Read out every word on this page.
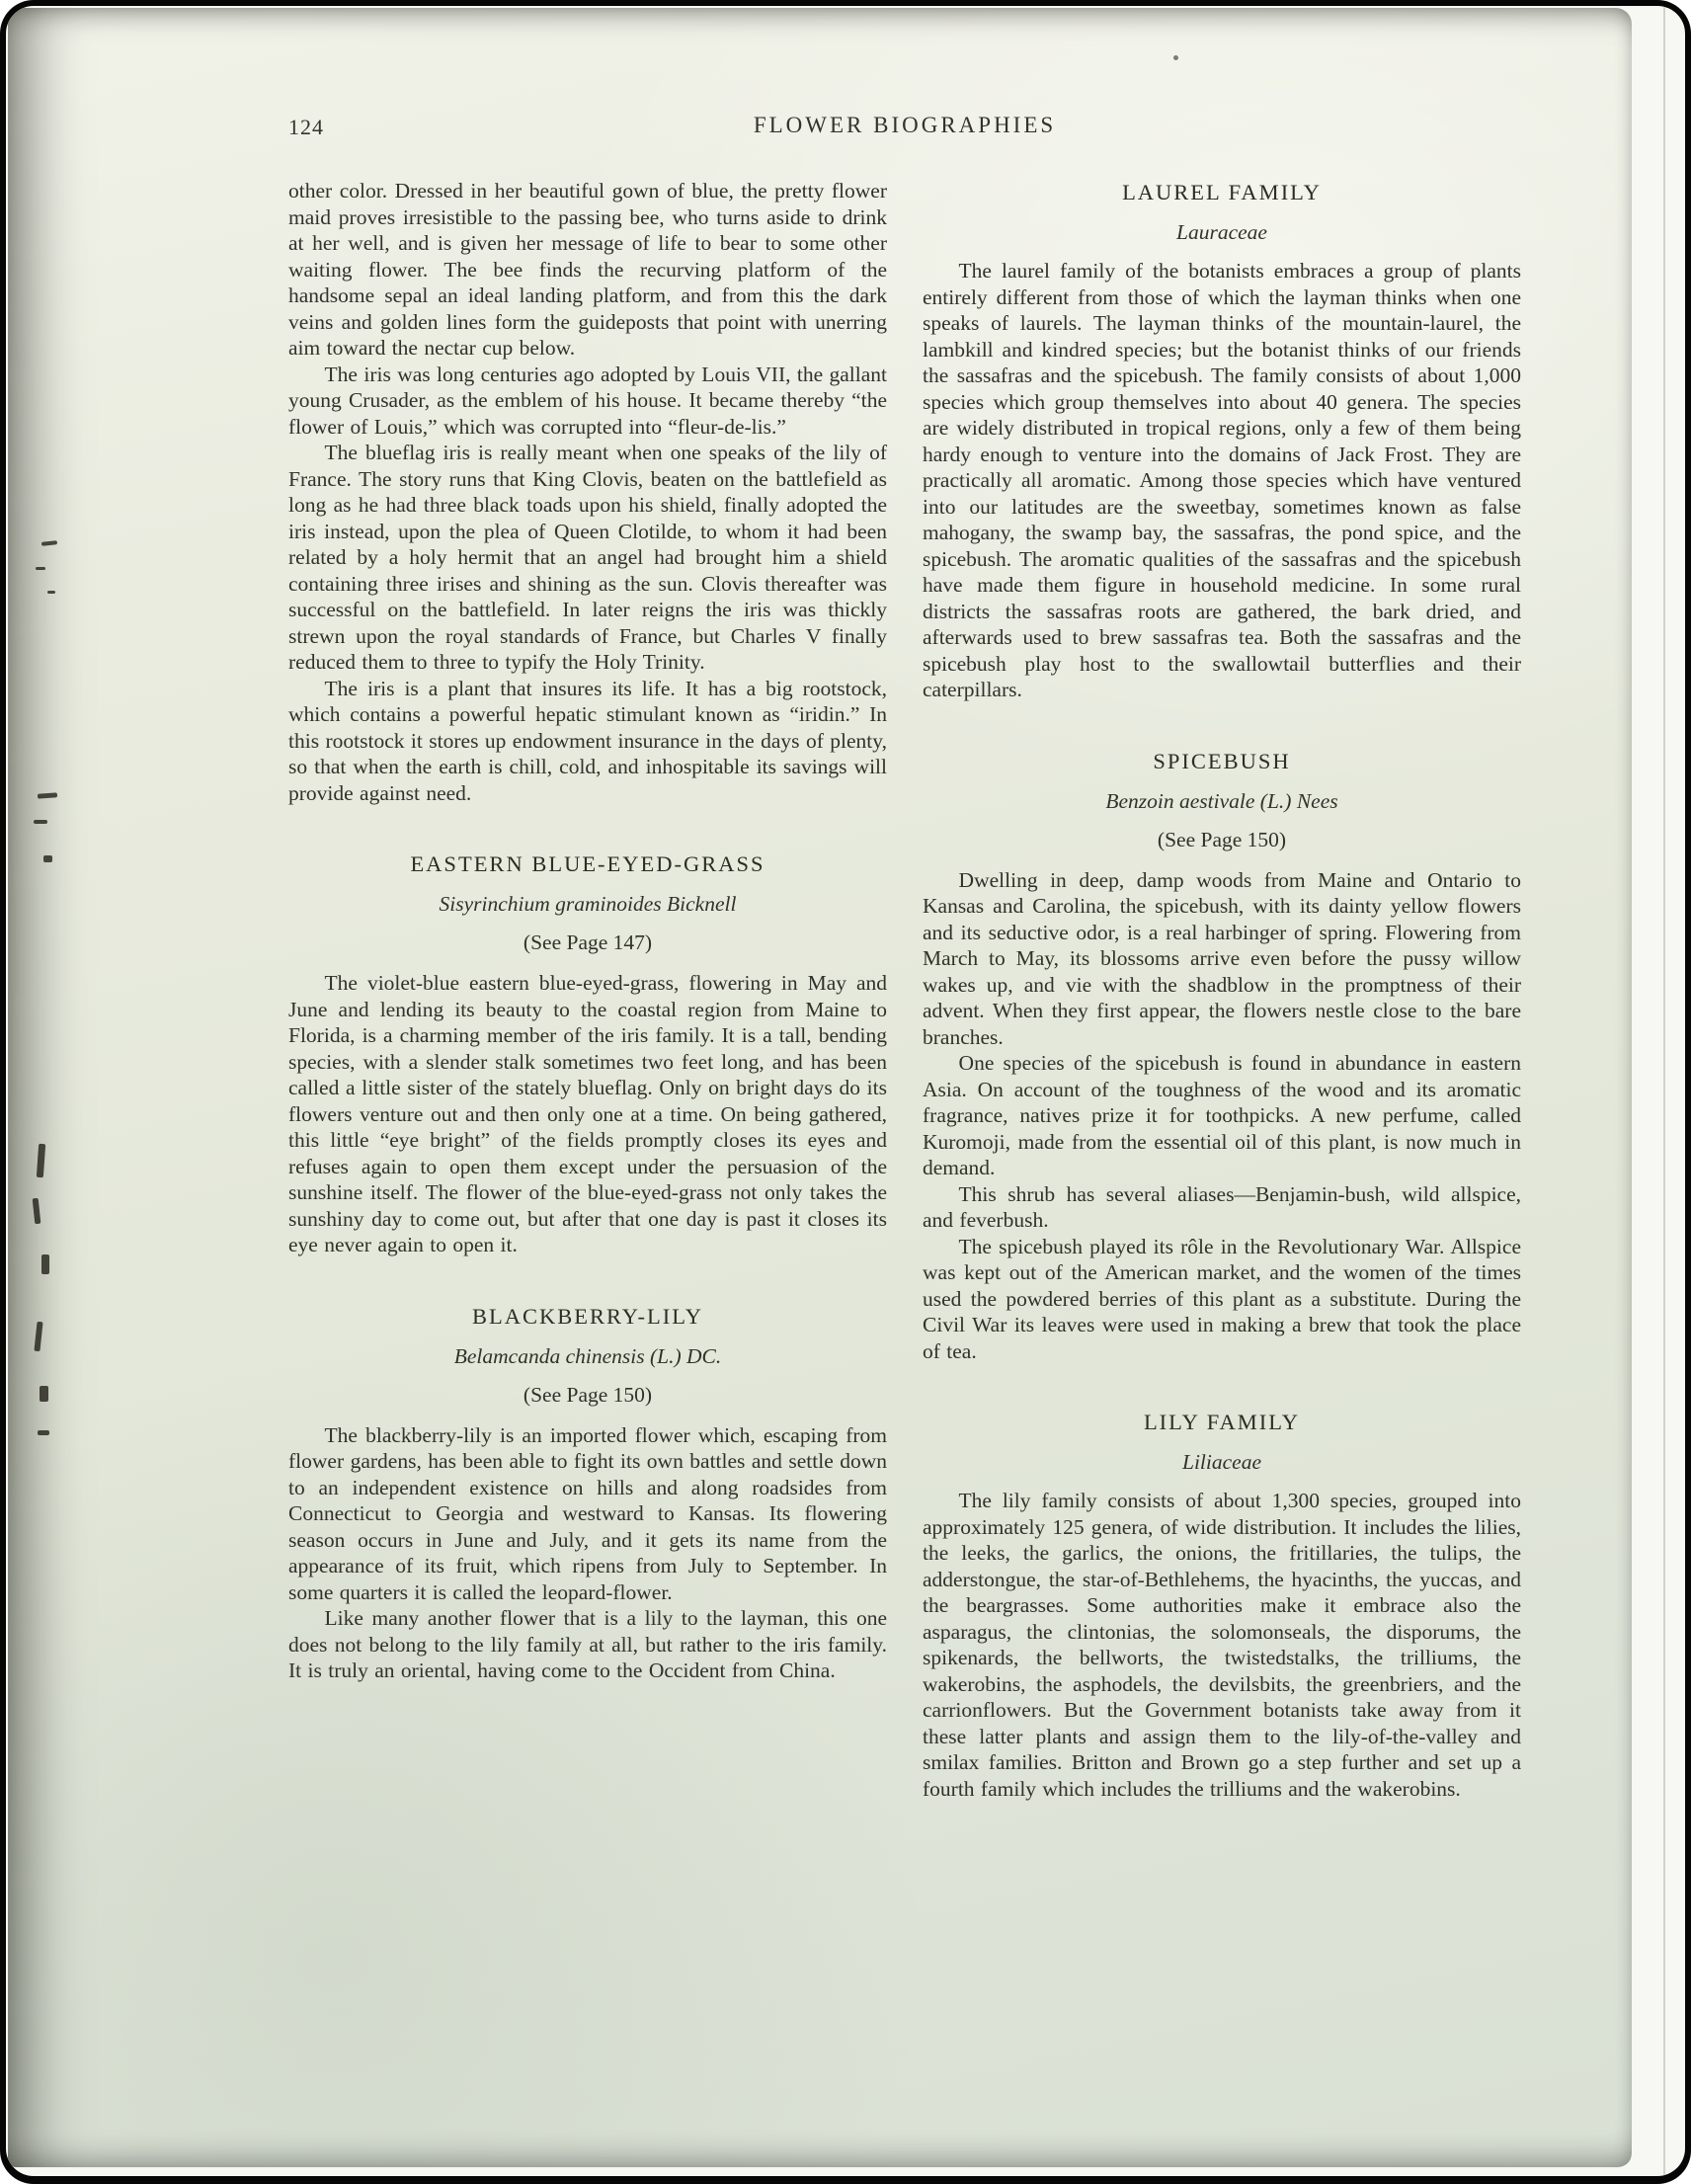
124	FLOWER BIOGRAPHIES

other color. Dressed in her beautiful gown of blue, the pretty flower maid proves irresistible to the passing bee, who turns aside to drink at her well, and is given her message of life to bear to some other waiting flower. The bee finds the recurving platform of the handsome sepal an ideal landing platform, and from this the dark veins and golden lines form the guideposts that point with unerring aim toward the nectar cup below.

The iris was long centuries ago adopted by Louis VII, the gallant young Crusader, as the emblem of his house. It became thereby “the flower of Louis,” which was corrupted into “fleur-de-lis.”

The blueflag iris is really meant when one speaks of the lily of France. The story runs that King Clovis, beaten on the battlefield as long as he had three black toads upon his shield, finally adopted the iris instead, upon the plea of Queen Clotilde, to whom it had been related by a holy hermit that an angel had brought him a shield containing three irises and shining as the sun. Clovis thereafter was successful on the battlefield. In later reigns the iris was thickly strewn upon the royal standards of France, but Charles V finally reduced them to three to typify the Holy Trinity.

The iris is a plant that insures its life. It has a big rootstock, which contains a powerful hepatic stimulant known as “iridin.” In this rootstock it stores up endowment insurance in the days of plenty, so that when the earth is chill, cold, and inhospitable its savings will provide against need.

EASTERN BLUE-EYED-GRASS
Sisyrinchium graminoides Bicknell
(See Page 147)

The violet-blue eastern blue-eyed-grass, flowering in May and June and lending its beauty to the coastal region from Maine to Florida, is a charming member of the iris family. It is a tall, bending species, with a slender stalk sometimes two feet long, and has been called a little sister of the stately blueflag. Only on bright days do its flowers venture out and then only one at a time. On being gathered, this little “eye bright” of the fields promptly closes its eyes and refuses again to open them except under the persuasion of the sunshine itself. The flower of the blue-eyed-grass not only takes the sunshiny day to come out, but after that one day is past it closes its eye never again to open it.

BLACKBERRY-LILY
Belamcanda chinensis (L.) DC.
(See Page 150)

The blackberry-lily is an imported flower which, escaping from flower gardens, has been able to fight its own battles and settle down to an independent existence on hills and along roadsides from Connecticut to Georgia and westward to Kansas. Its flowering season occurs in June and July, and it gets its name from the appearance of its fruit, which ripens from July to September. In some quarters it is called the leopard-flower.

Like many another flower that is a lily to the layman, this one does not belong to the lily family at all, but rather to the iris family. It is truly an oriental, having come to the Occident from China.

LAUREL FAMILY
Lauraceae

The laurel family of the botanists embraces a group of plants entirely different from those of which the layman thinks when one speaks of laurels. The layman thinks of the mountain-laurel, the lambkill and kindred species; but the botanist thinks of our friends the sassafras and the spicebush. The family consists of about 1,000 species which group themselves into about 40 genera. The species are widely distributed in tropical regions, only a few of them being hardy enough to venture into the domains of Jack Frost. They are practically all aromatic. Among those species which have ventured into our latitudes are the sweetbay, sometimes known as false mahogany, the swamp bay, the sassafras, the pond spice, and the spicebush. The aromatic qualities of the sassafras and the spicebush have made them figure in household medicine. In some rural districts the sassafras roots are gathered, the bark dried, and afterwards used to brew sassafras tea. Both the sassafras and the spicebush play host to the swallowtail butterflies and their caterpillars.

SPICEBUSH
Benzoin aestivale (L.) Nees
(See Page 150)

Dwelling in deep, damp woods from Maine and Ontario to Kansas and Carolina, the spicebush, with its dainty yellow flowers and its seductive odor, is a real harbinger of spring. Flowering from March to May, its blossoms arrive even before the pussy willow wakes up, and vie with the shadblow in the promptness of their advent. When they first appear, the flowers nestle close to the bare branches.

One species of the spicebush is found in abundance in eastern Asia. On account of the toughness of the wood and its aromatic fragrance, natives prize it for toothpicks. A new perfume, called Kuromoji, made from the essential oil of this plant, is now much in demand.

This shrub has several aliases—Benjamin-bush, wild allspice, and feverbush.

The spicebush played its rôle in the Revolutionary War. Allspice was kept out of the American market, and the women of the times used the powdered berries of this plant as a substitute. During the Civil War its leaves were used in making a brew that took the place of tea.

LILY FAMILY
Liliaceae

The lily family consists of about 1,300 species, grouped into approximately 125 genera, of wide distribution. It includes the lilies, the leeks, the garlics, the onions, the fritillaries, the tulips, the adderstongue, the star-of-Bethlehems, the hyacinths, the yuccas, and the beargrasses. Some authorities make it embrace also the asparagus, the clintonias, the solomonseals, the disporums, the spikenards, the bellworts, the twistedstalks, the trilliums, the wakerobins, the asphodels, the devilsbits, the greenbriers, and the carrionflowers. But the Government botanists take away from it these latter plants and assign them to the lily-of-the-valley and smilax families. Britton and Brown go a step further and set up a fourth family which includes the trilliums and the wakerobins.
